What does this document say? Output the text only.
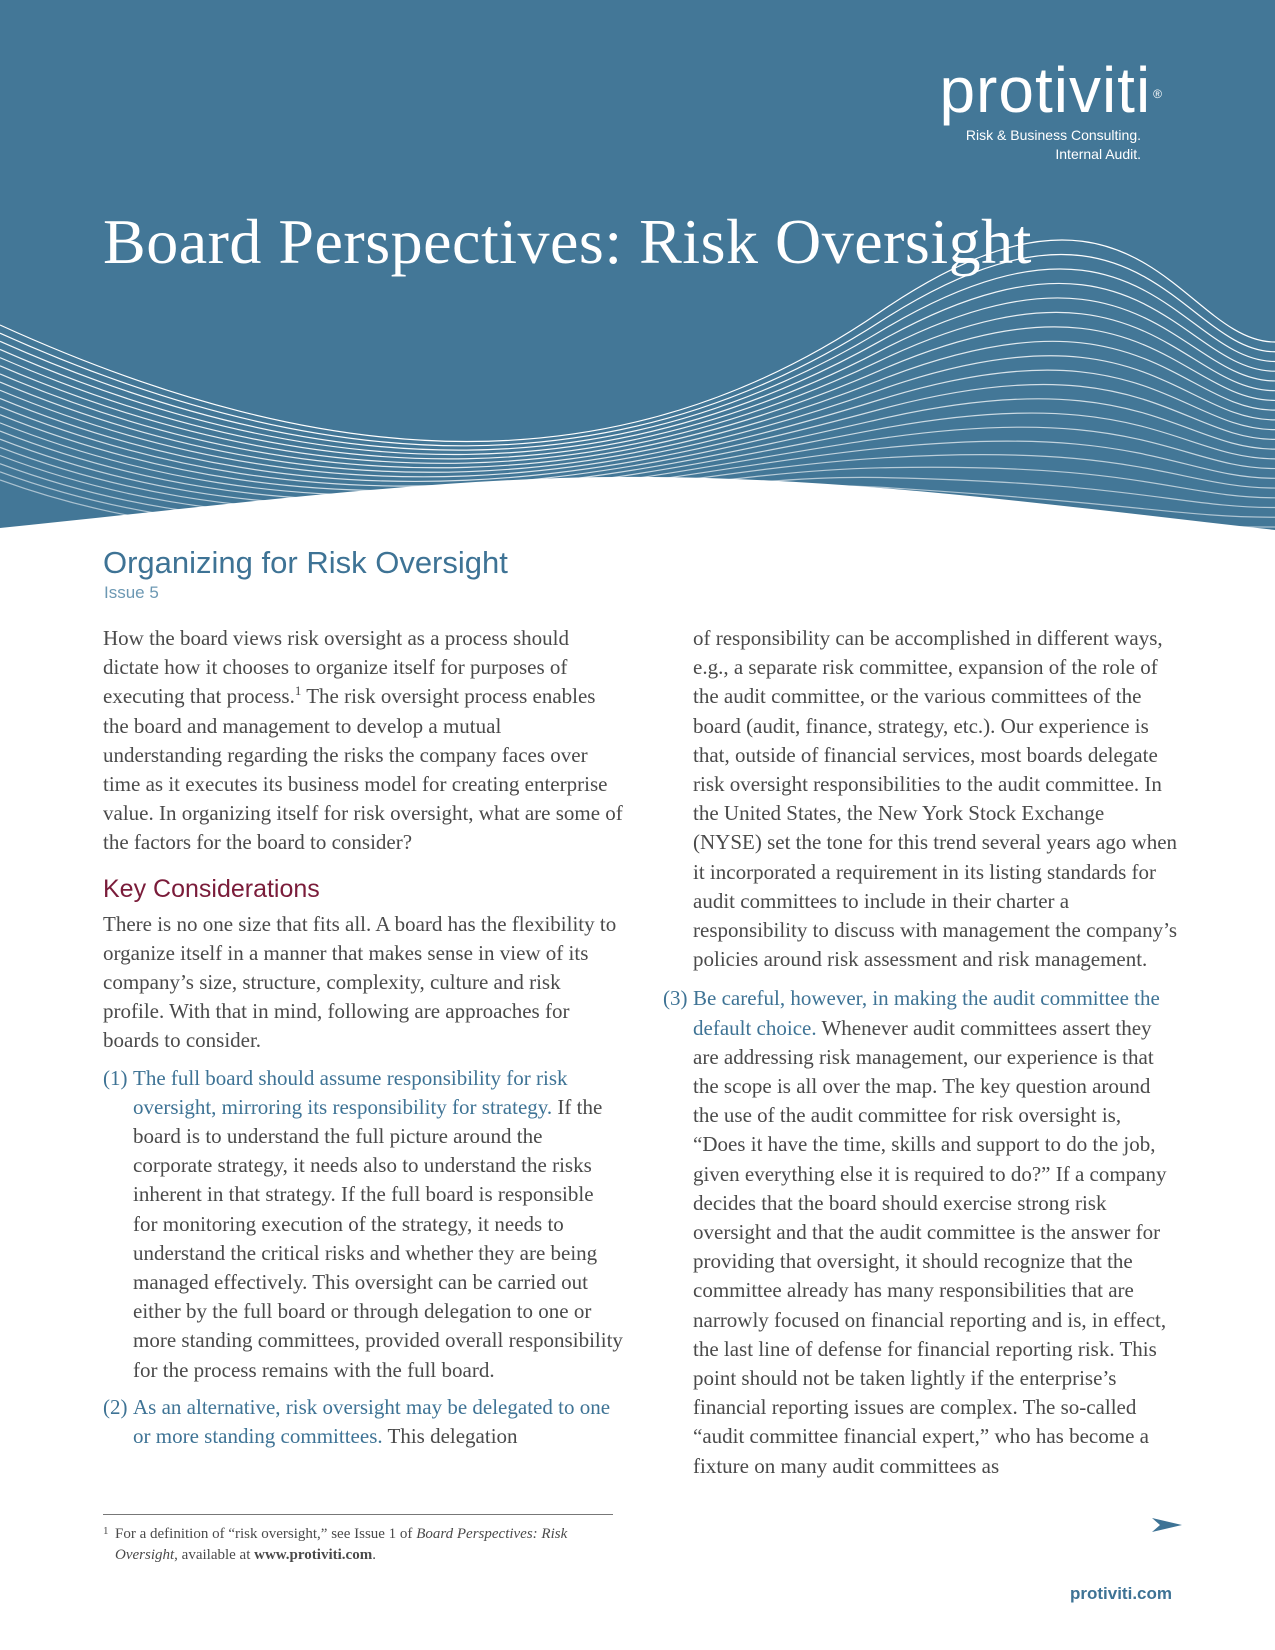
protiviti ®
Risk & Business Consulting.
Internal Audit.
Board Perspectives: Risk Oversight
Organizing for Risk Oversight
Issue 5

How the board views risk oversight as a process should dictate how it chooses to organize itself for purposes of executing that process.$^1$ The risk oversight process enables the board and management to develop a mutual understanding regarding the risks the company faces over time as it executes its business model for creating enterprise value. In organizing itself for risk oversight, what are some of the factors for the board to consider?

Key Considerations

There is no one size that fits all. A board has the flexibility to organize itself in a manner that makes sense in view of its company’s size, structure, complexity, culture and risk profile. With that in mind, following are approaches for boards to consider.

(1) The full board should assume responsibility for risk oversight, mirroring its responsibility for strategy. If the board is to understand the full picture around the corporate strategy, it needs also to understand the risks inherent in that strategy. If the full board is responsible for monitoring execution of the strategy, it needs to understand the critical risks and whether they are being managed effectively. This oversight can be carried out either by the full board or through delegation to one or more standing committees, provided overall responsibility for the process remains with the full board.
(2) As an alternative, risk oversight may be delegated to one or more standing committees. This delegation

of responsibility can be accomplished in different ways, e.g., a separate risk committee, expansion of the role of the audit committee, or the various committees of the board (audit, finance, strategy, etc.). Our experience is that, outside of financial services, most boards delegate risk oversight responsibilities to the audit committee. In the United States, the New York Stock Exchange (NYSE) set the tone for this trend several years ago when it incorporated a requirement in its listing standards for audit committees to include in their charter a responsibility to discuss with management the company’s policies around risk assessment and risk management.

(3) Be careful, however, in making the audit committee the default choice. Whenever audit committees assert they are addressing risk management, our experience is that the scope is all over the map. The key question around the use of the audit committee for risk oversight is, “Does it have the time, skills and support to do the job, given everything else it is required to do?” If a company decides that the board should exercise strong risk oversight and that the audit committee is the answer for providing that oversight, it should recognize that the committee already has many responsibilities that are narrowly focused on financial reporting and is, in effect, the last line of defense for financial reporting risk. This point should not be taken lightly if the enterprise’s financial reporting issues are complex. The so-called “audit committee financial expert,” who has become a fixture on many audit committees as
1 For a definition of “risk oversight,” see Issue 1 of Board Perspectives: Risk Oversight, available at www.protiviti.com.
protiviti.com
